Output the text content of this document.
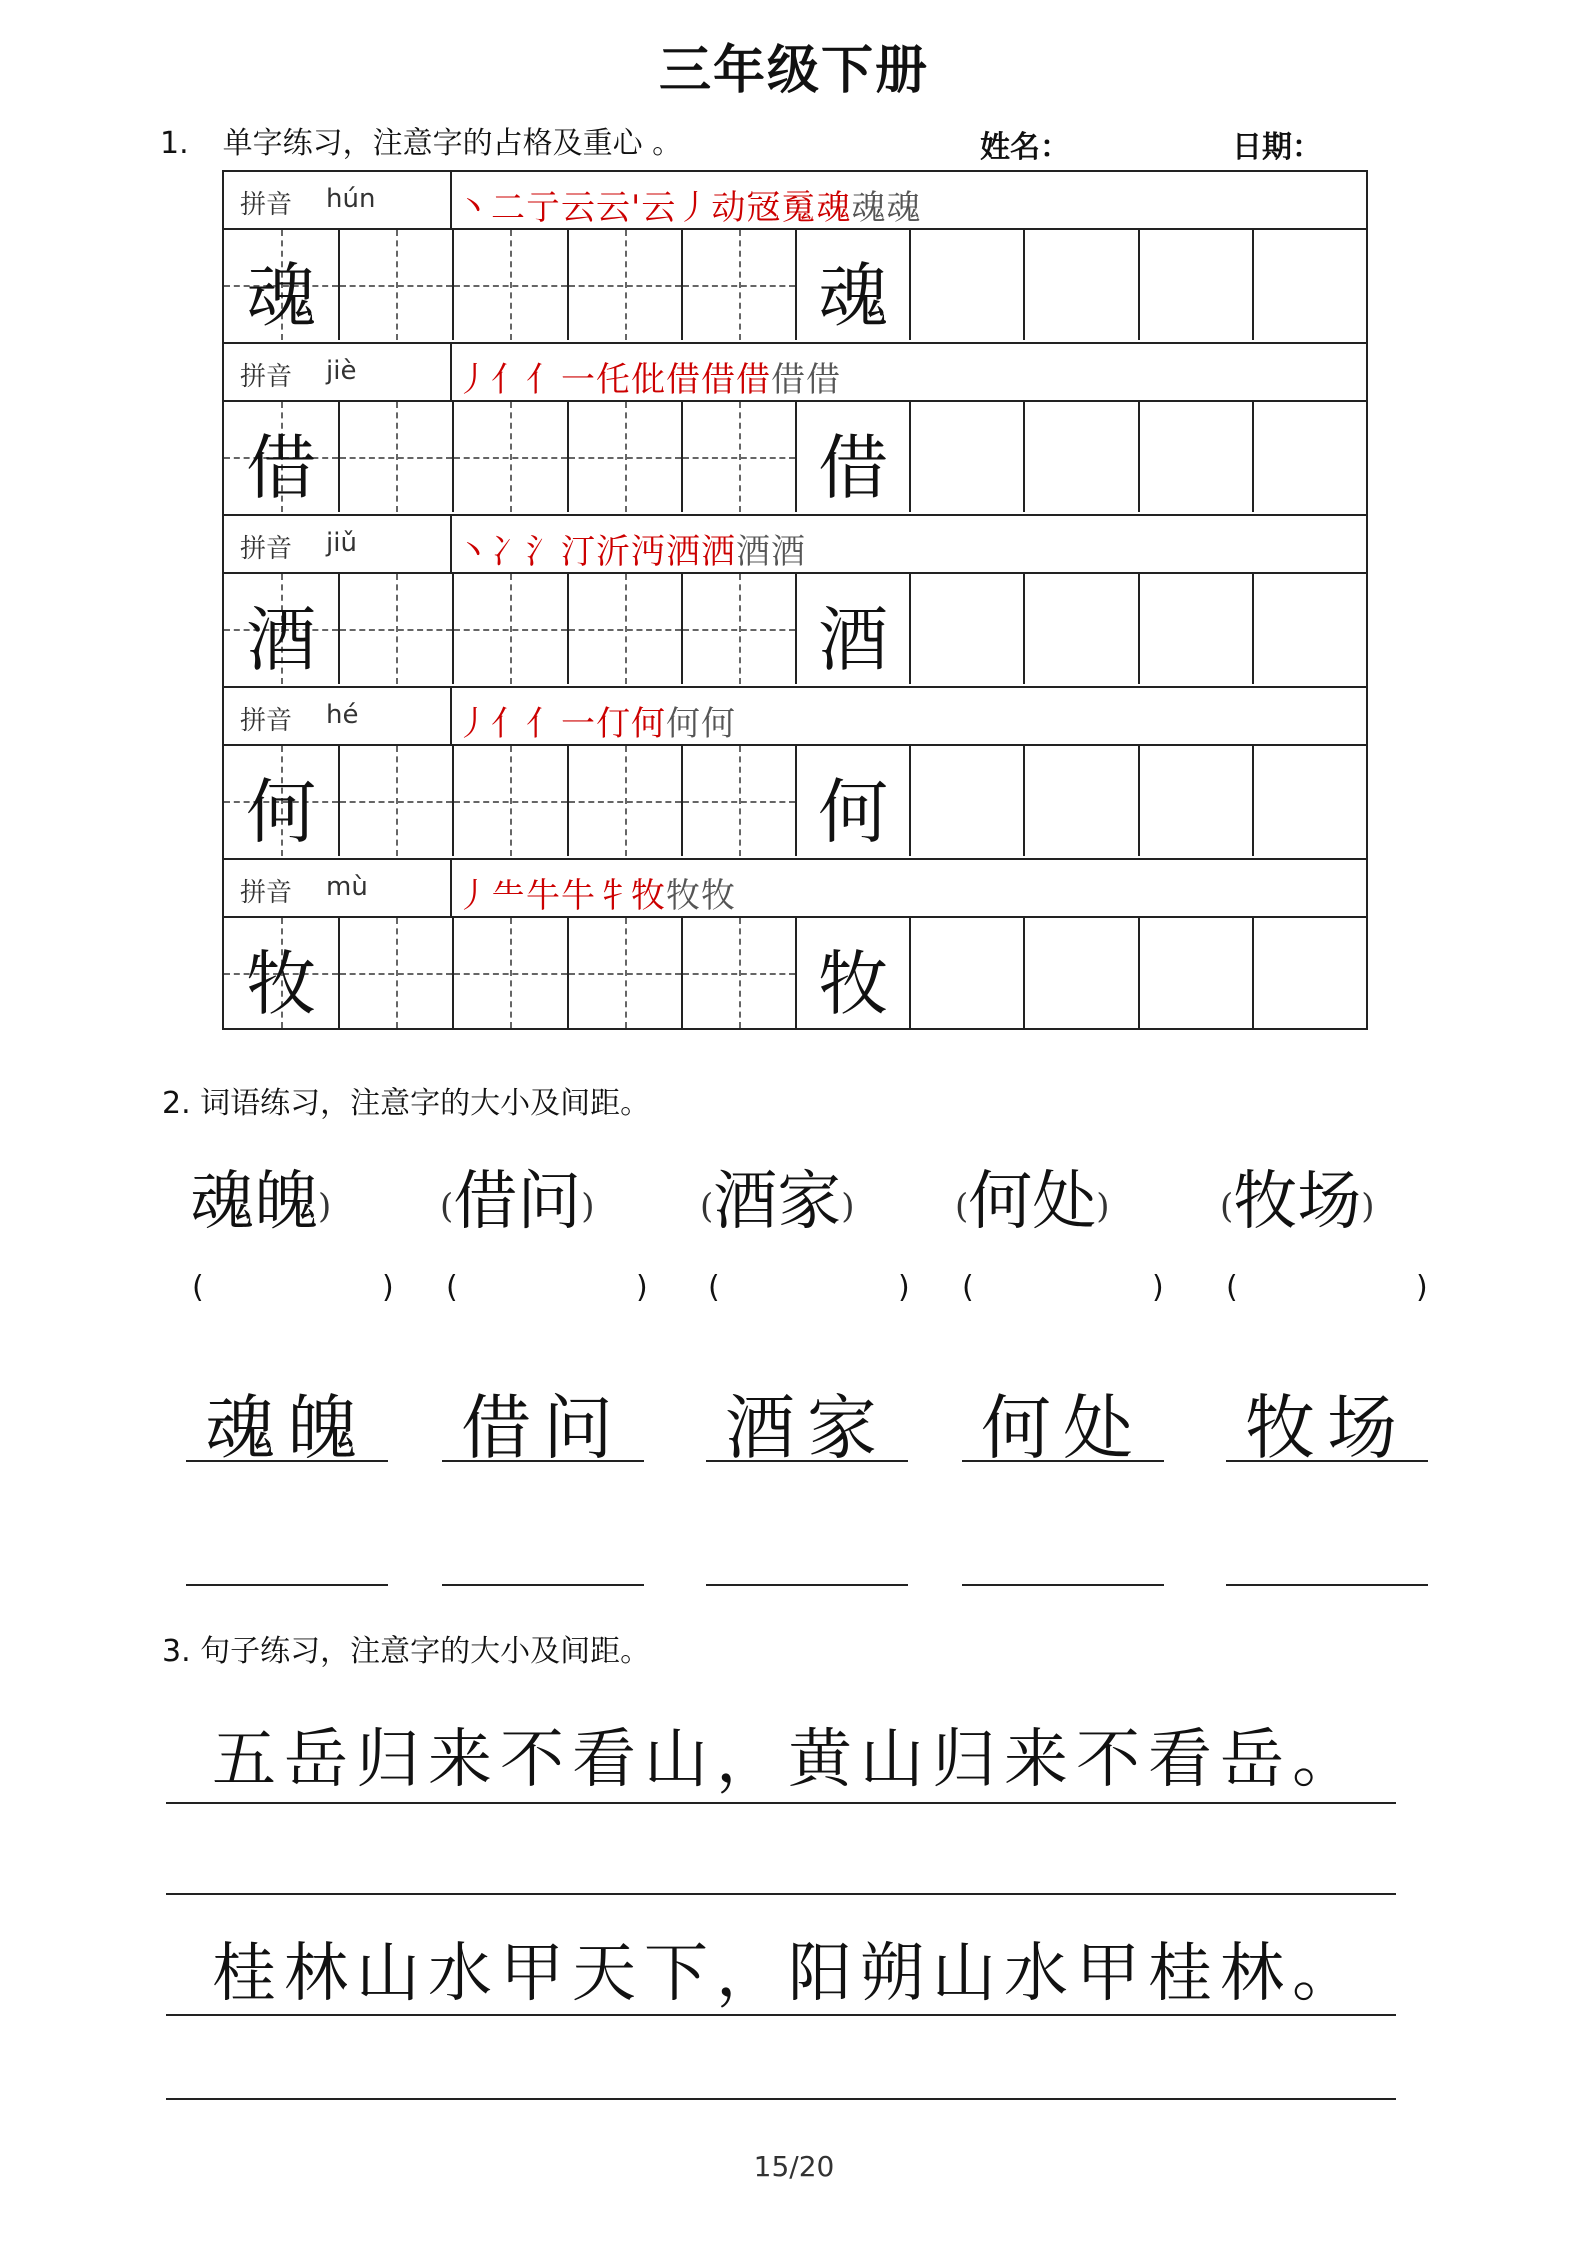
三年级下册
1. 单字练习，注意字的占格及重心 。	姓名：	日期：
拼音 hún 丶二亍云云'云丿动㓂䰟魂魂魂
魂	魂
拼音 jiè	丿亻亻一仛仳借借借借借
借	借
拼音 jiǔ	丶冫氵汀沂沔洒洒酒酒
酒	酒
拼音 hé	丿亻亻一仃何何何
何	何
拼音 mù	丿⺧牛牛牜牧牧牧
牧	牧
2. 词语练习，注意字的大小及间距。
魂魄)	(借问)	(酒家)	(何处)	(牧场)
(	) (	) (	) (	) (	)
魂魄 借问 酒家 何处 牧场
3. 句子练习，注意字的大小及间距。
五岳归来不看山，黄山归来不看岳。
桂林山水甲天下，阳朔山水甲桂林。
15/20
